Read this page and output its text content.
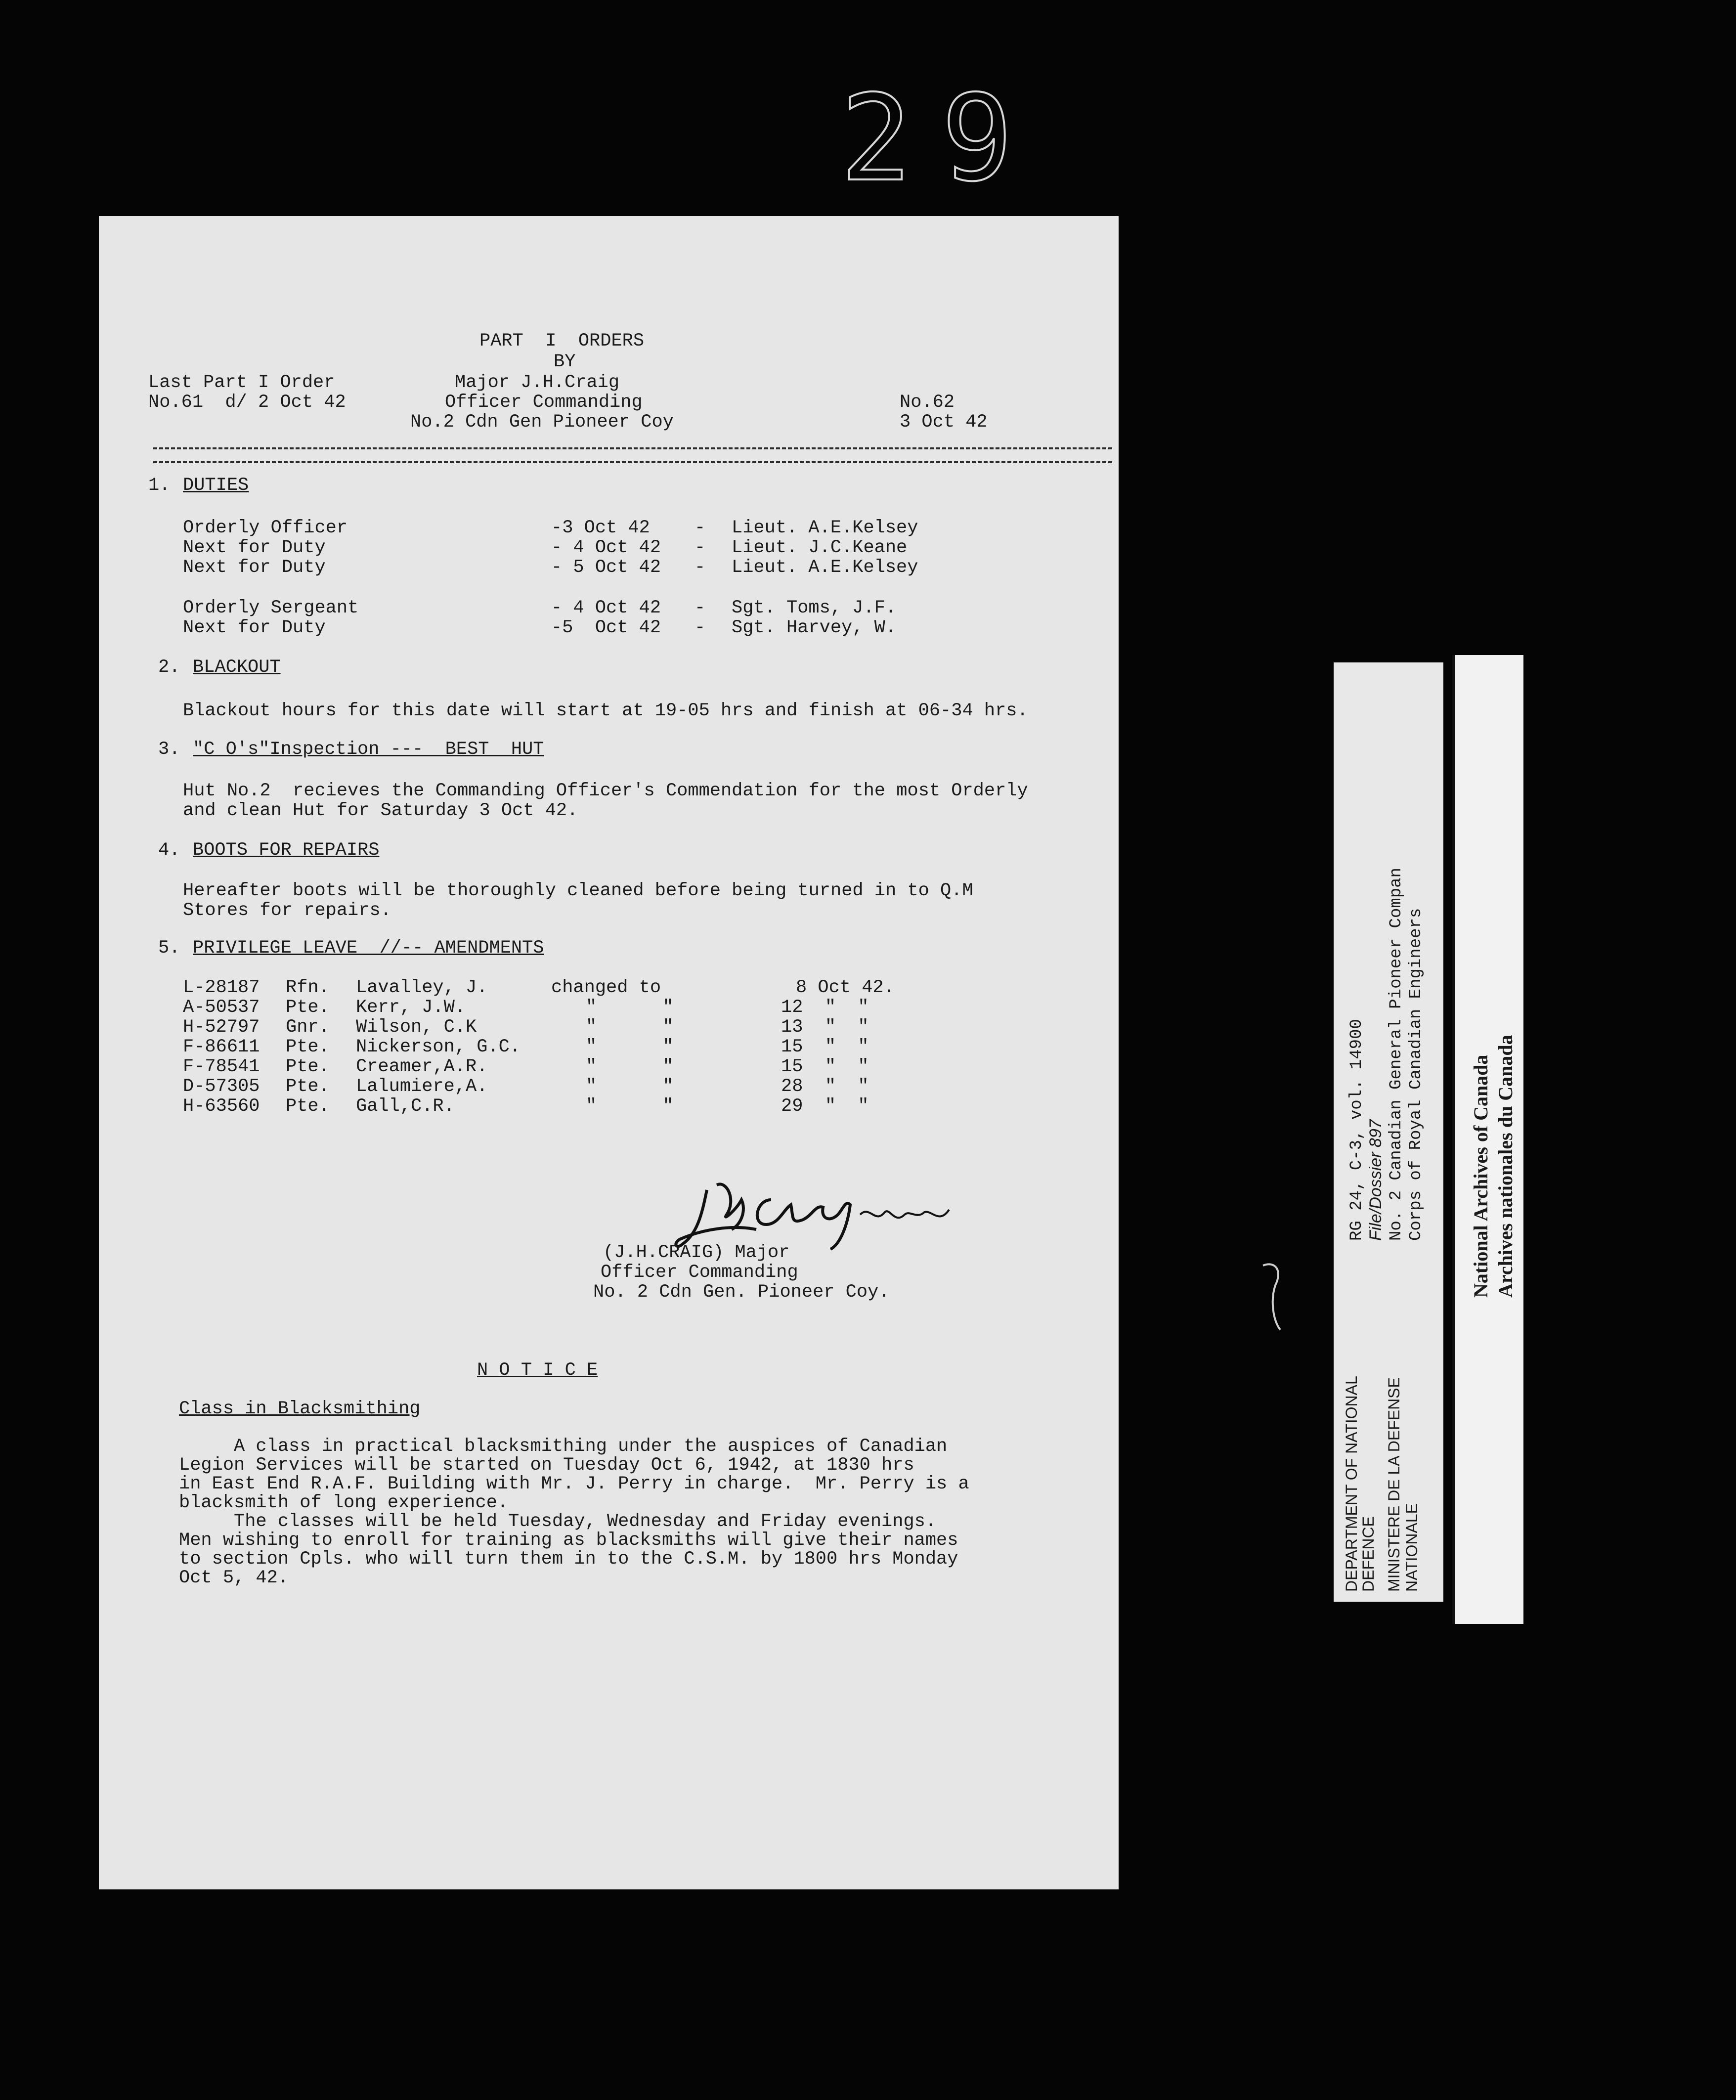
29
PART  I  ORDERS
BY
Major J.H.Craig
Officer Commanding
No.2 Cdn Gen Pioneer Coy
Last Part I Order
No.61  d/ 2 Oct 42	No.62
3 Oct 42
1. DUTIES
Orderly Officer	-3 Oct 42 - Lieut. A.E.Kelsey
Next for Duty	- 4 Oct 42 - Lieut. J.C.Keane
Next for Duty	- 5 Oct 42 - Lieut. A.E.Kelsey
Orderly Sergeant	- 4 Oct 42 - Sgt. Toms, J.F.
Next for Duty	-5  Oct 42 - Sgt. Harvey, W.
2. BLACKOUT
Blackout hours for this date will start at 19-05 hrs and finish at 06-34 hrs.
3. "C O's"Inspection ---  BEST  HUT
Hut No.2  recieves the Commanding Officer's Commendation for the most Orderly
and clean Hut for Saturday 3 Oct 42.
4. BOOTS FOR REPAIRS
Hereafter boots will be thoroughly cleaned before being turned in to Q.M
Stores for repairs.
5. PRIVILEGE LEAVE  //-- AMENDMENTS
L-28187 Rfn. Lavalley, J.	changed to	8 Oct 42.
A-50537 Pte. Kerr, J.W.	"      "	12  "  "
H-52797 Gnr. Wilson, C.K	"      "	13  "  "
F-86611 Pte. Nickerson, G.C.	"      "	15  "  "
F-78541 Pte. Creamer,A.R.	"      "	15  "  "
D-57305 Pte. Lalumiere,A.	"      "	28  "  "
H-63560 Pte. Gall,C.R.	"      "	29  "  "
(J.H.CRAIG) Major
Officer Commanding
No. 2 Cdn Gen. Pioneer Coy.
N O T I C E
Class in Blacksmithing
A class in practical blacksmithing under the auspices of Canadian
Legion Services will be started on Tuesday Oct 6, 1942, at 1830 hrs
in East End R.A.F. Building with Mr. J. Perry in charge.  Mr. Perry is a
blacksmith of long experience.
The classes will be held Tuesday, Wednesday and Friday evenings.
Men wishing to enroll for training as blacksmiths will give their names
to section Cpls. who will turn them in to the C.S.M. by 1800 hrs Monday
Oct 5, 42.
RG 24, C-3, vol. 14900 File/Dossier 897 No. 2 Canadian General Pioneer Compan Corps of Royal Canadian Engineers
DEPARTMENT OF NATIONAL
DEFENCE MINISTERE DE LA DEFENSE NATIONALE
National Archives of Canada Archives nationales du Canada
